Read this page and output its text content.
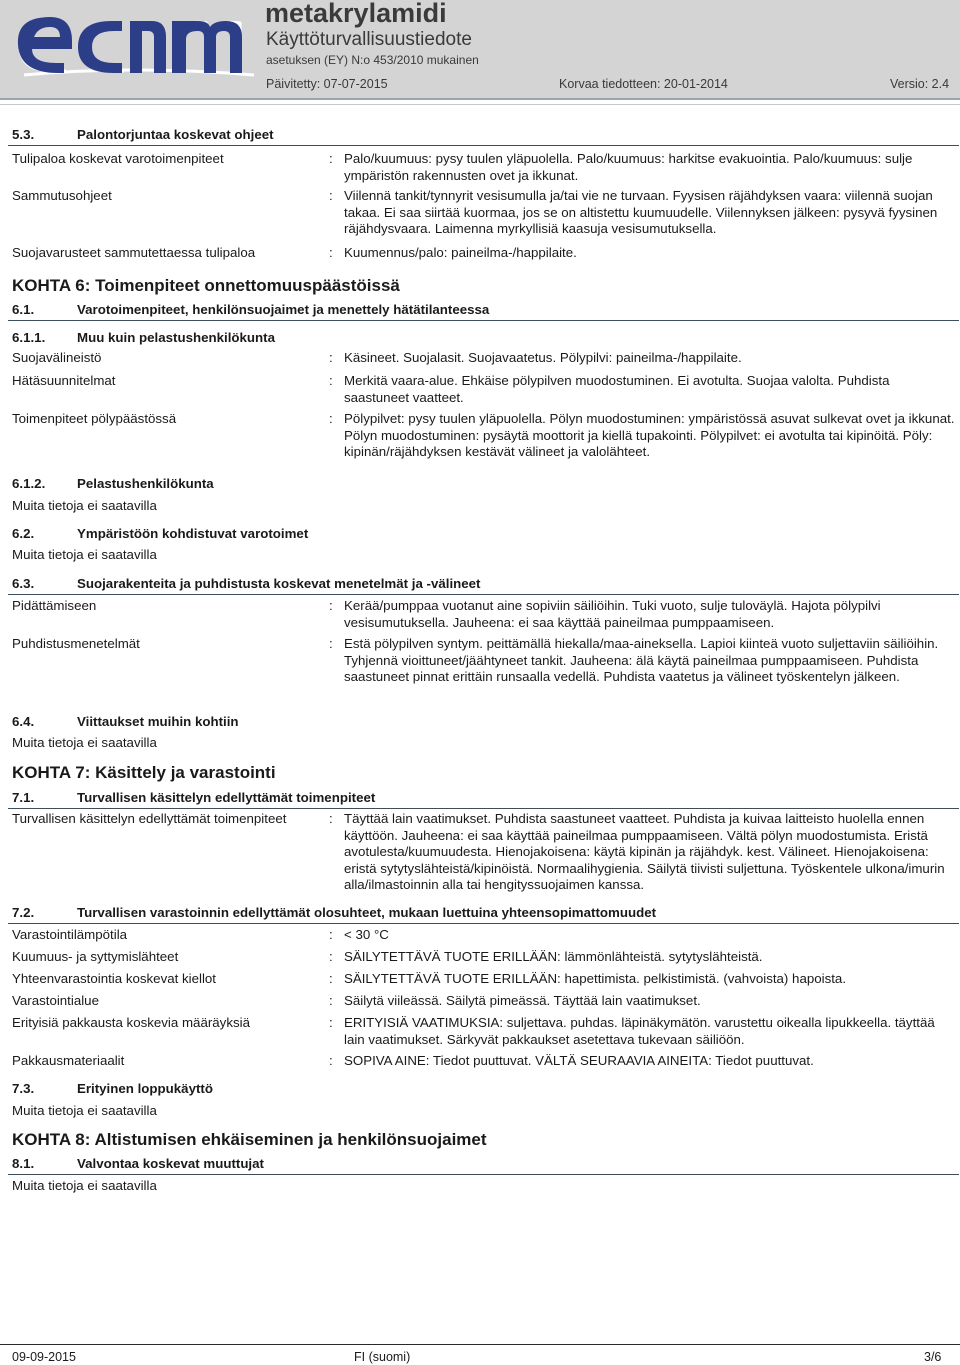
metakrylamidi
Käyttöturvallisuustiedote
asetuksen (EY) N:o 453/2010 mukainen
Päivitetty: 07-07-2015	Korvaa tiedotteen: 20-01-2014	Versio: 2.4
5.3.	Palontorjuntaa koskevat ohjeet
Tulipaloa koskevat varotoimenpiteet	: Palo/kuumuus: pysy tuulen yläpuolella. Palo/kuumuus: harkitse evakuointia. Palo/kuumuus: sulje ympäristön rakennusten ovet ja ikkunat.
Sammutusohjeet	: Viilennä tankit/tynnyrit vesisumulla ja/tai vie ne turvaan. Fyysisen räjähdyksen vaara: viilennä suojan takaa. Ei saa siirtää kuormaa, jos se on altistettu kuumuudelle. Viilennyksen jälkeen: pysyvä fyysinen räjähdysvaara. Laimenna myrkyllisiä kaasuja vesisumutuksella.
Suojavarusteet sammutettaessa tulipaloa	: Kuumennus/palo: paineilma-/happilaite.
KOHTA 6: Toimenpiteet onnettomuuspäästöissä
6.1.	Varotoimenpiteet, henkilönsuojaimet ja menettely hätätilanteessa
6.1.1. Muu kuin pelastushenkilökunta
Suojavälineistö	: Käsineet. Suojalasit. Suojavaatetus. Pölypilvi: paineilma-/happilaite.
Hätäsuunnitelmat	: Merkitä vaara-alue. Ehkäise pölypilven muodostuminen. Ei avotulta. Suojaa valolta. Puhdista saastuneet vaatteet.
Toimenpiteet pölypäästössä	: Pölypilvet: pysy tuulen yläpuolella. Pölyn muodostuminen: ympäristössä asuvat sulkevat ovet ja ikkunat. Pölyn muodostuminen: pysäytä moottorit ja kiellä tupakointi. Pölypilvet: ei avotulta tai kipinöitä. Pöly: kipinän/räjähdyksen kestävät välineet ja valolähteet.
6.1.2. Pelastushenkilökunta
Muita tietoja ei saatavilla
6.2.	Ympäristöön kohdistuvat varotoimet
Muita tietoja ei saatavilla
6.3.	Suojarakenteita ja puhdistusta koskevat menetelmät ja -välineet
Pidättämiseen	: Kerää/pumppaa vuotanut aine sopiviin säiliöihin. Tuki vuoto, sulje tuloväylä. Hajota pölypilvi vesisumutuksella. Jauheena: ei saa käyttää paineilmaa pumppaamiseen.
Puhdistusmenetelmät	: Estä pölypilven syntym. peittämällä hiekalla/maa-aineksella. Lapioi kiinteä vuoto suljettaviin säiliöihin. Tyhjennä vioittuneet/jäähtyneet tankit. Jauheena: älä käytä paineilmaa pumppaamiseen. Puhdista saastuneet pinnat erittäin runsaalla vedellä. Puhdista vaatetus ja välineet työskentelyn jälkeen.
6.4.	Viittaukset muihin kohtiin
Muita tietoja ei saatavilla
KOHTA 7: Käsittely ja varastointi
7.1.	Turvallisen käsittelyn edellyttämät toimenpiteet
Turvallisen käsittelyn edellyttämät toimenpiteet	: Täyttää lain vaatimukset. Puhdista saastuneet vaatteet. Puhdista ja kuivaa laitteisto huolella ennen käyttöön. Jauheena: ei saa käyttää paineilmaa pumppaamiseen. Vältä pölyn muodostumista. Eristä avotulesta/kuumuudesta. Hienojakoisena: käytä kipinän ja räjähdyk. kest. Välineet. Hienojakoisena: eristä sytytyslähteistä/kipinöistä. Normaalihygienia. Säilytä tiivisti suljettuna. Työskentele ulkona/imurin alla/ilmastoinnin alla tai hengityssuojaimen kanssa.
7.2.	Turvallisen varastoinnin edellyttämät olosuhteet, mukaan luettuina yhteensopimattomuudet
Varastointilämpötila	: < 30 °C
Kuumuus- ja syttymislähteet	: SÄILYTETTÄVÄ TUOTE ERILLÄÄN: lämmönlähteistä. sytytyslähteistä.
Yhteenvarastointia koskevat kiellot	: SÄILYTETTÄVÄ TUOTE ERILLÄÄN: hapettimista. pelkistimistä. (vahvoista) hapoista.
Varastointialue	: Säilytä viileässä. Säilytä pimeässä. Täyttää lain vaatimukset.
Erityisiä pakkausta koskevia määräyksiä	: ERITYISIÄ VAATIMUKSIA: suljettava. puhdas. läpinäkymätön. varustettu oikealla lipukkeella. täyttää lain vaatimukset. Särkyvät pakkaukset asetettava tukevaan säiliöön.
Pakkausmateriaalit	: SOPIVA AINE: Tiedot puuttuvat. VÄLTÄ SEURAAVIA AINEITA: Tiedot puuttuvat.
7.3.	Erityinen loppukäyttö
Muita tietoja ei saatavilla
KOHTA 8: Altistumisen ehkäiseminen ja henkilönsuojaimet
8.1.	Valvontaa koskevat muuttujat
Muita tietoja ei saatavilla
09-09-2015	FI (suomi)	3/6
